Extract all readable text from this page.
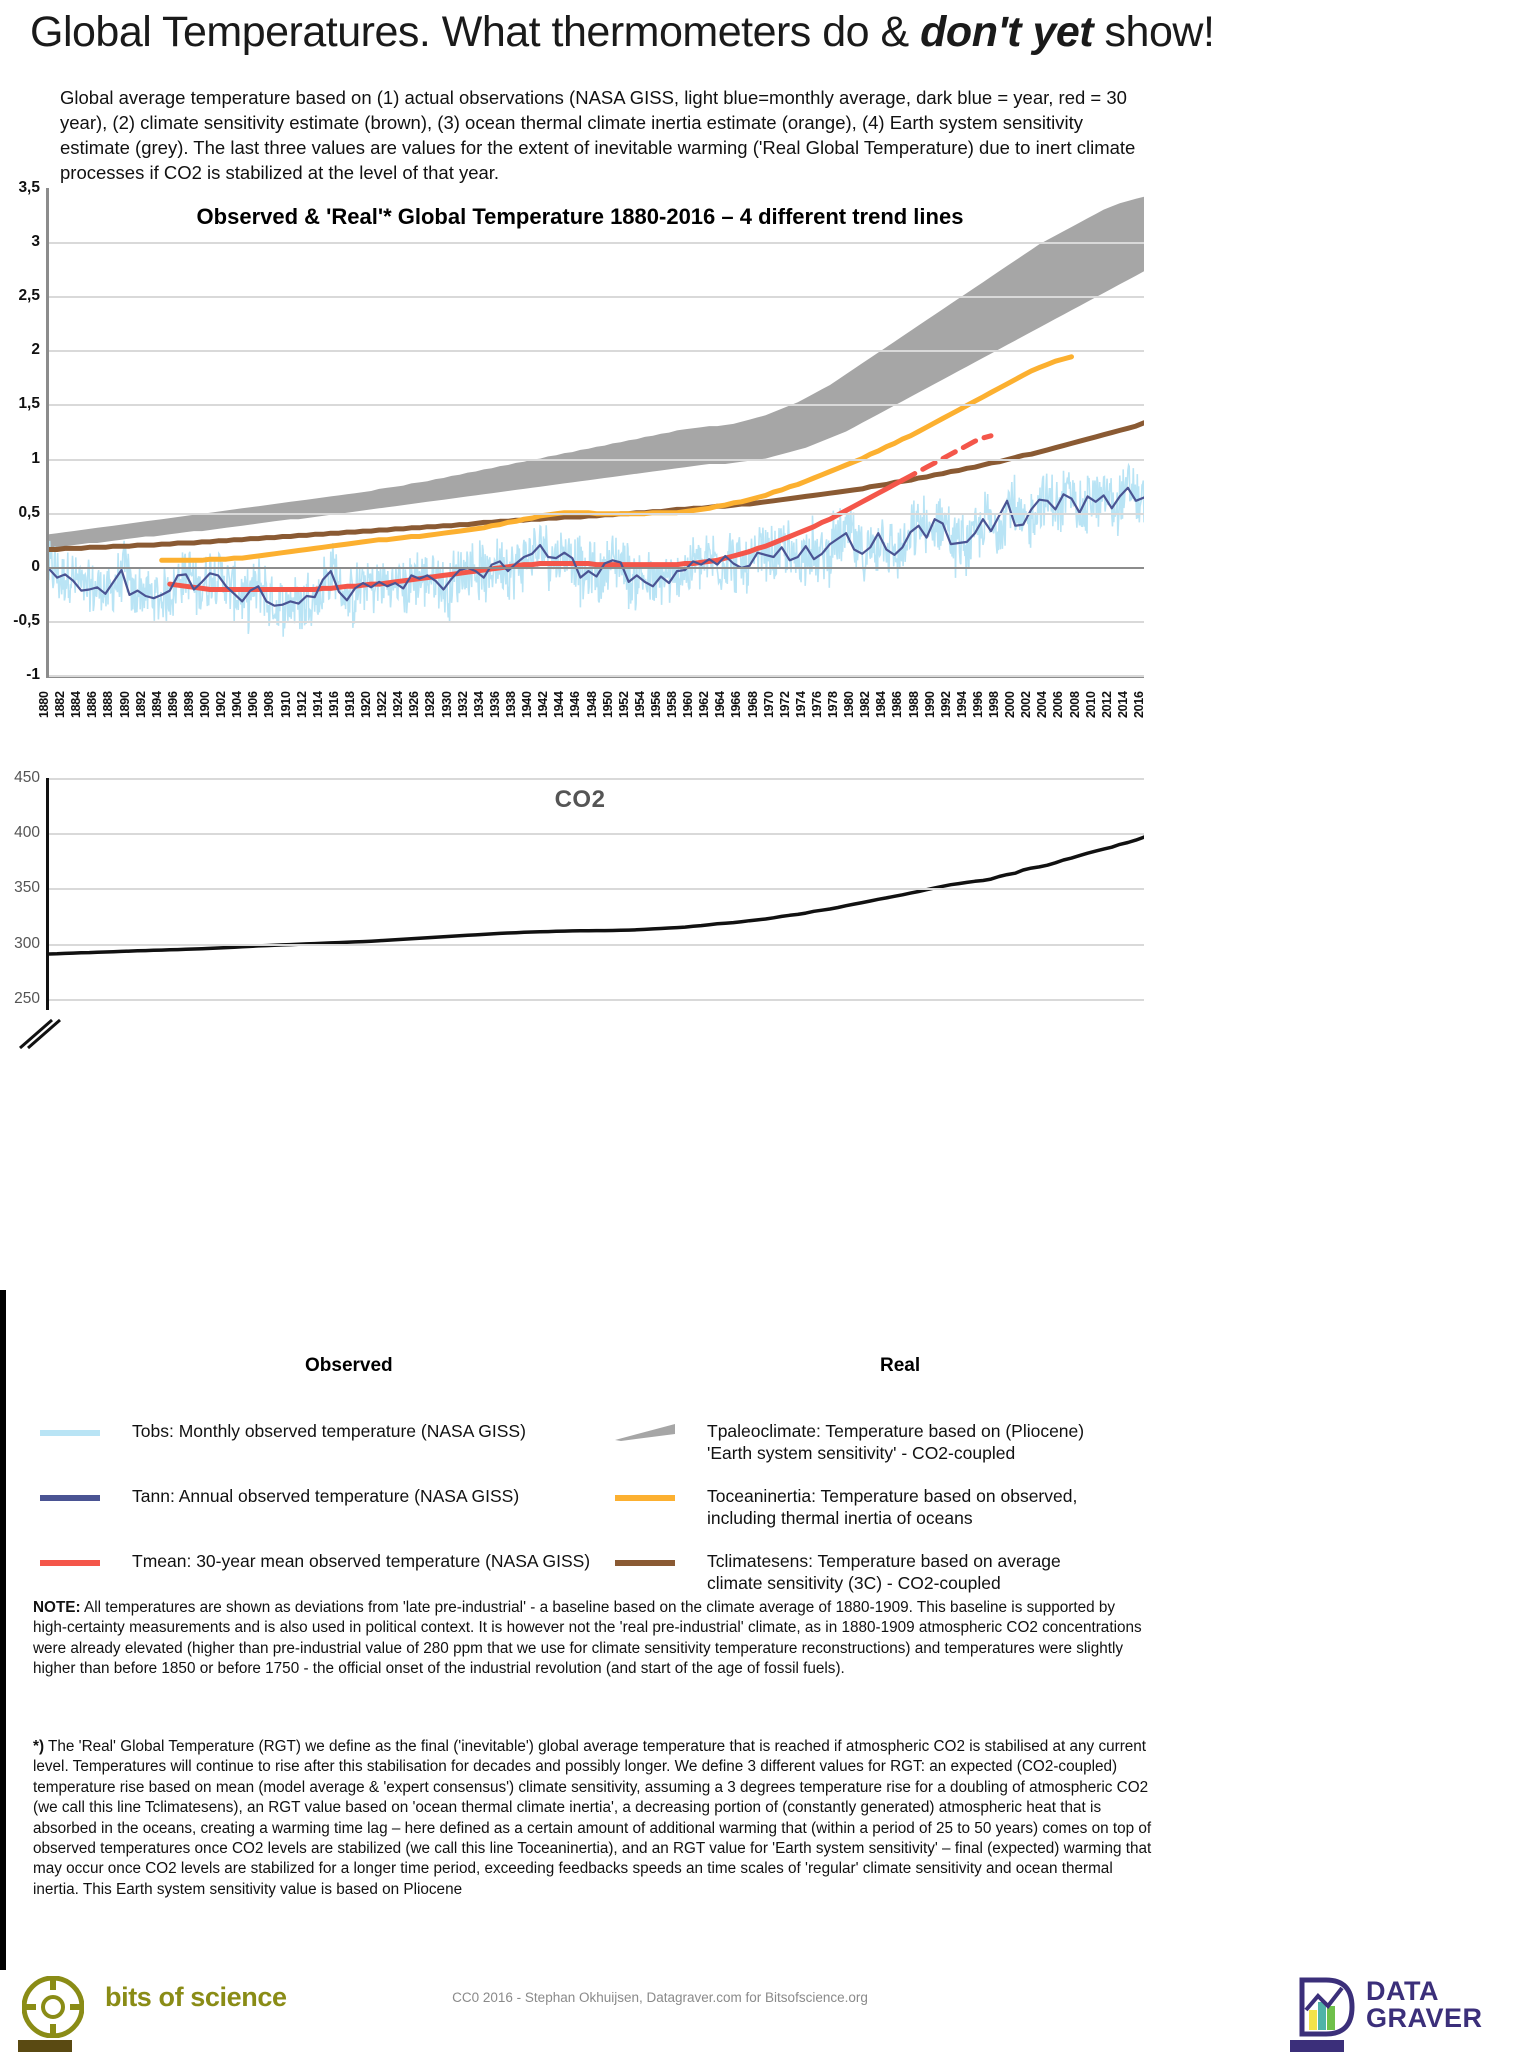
Global Temperatures. What thermometers do & don't yet show!
Global average temperature based on (1) actual observations (NASA GISS, light blue=monthly average, dark blue = year, red = 30 year), (2) climate sensitivity estimate (brown), (3) ocean thermal climate inertia estimate (orange), (4) Earth system sensitivity estimate (grey). The last three values are values for the extent of inevitable warming ('Real Global Temperature) due to inert climate processes if CO2 is stabilized at the level of that year.
Observed & 'Real'* Global Temperature 1880-2016 – 4 different trend lines
3,5
3
2,5
2
1,5
1
0,5
0
-0,5
-1
1880 1882 1884 1886 1888 1890 1892 1894 1896 1898 1900 1902 1904 1906 1908 1910 1912 1914 1916 1918 1920 1922 1924 1926 1928 1930 1932 1934 1936 1938 1940 1942 1944 1946 1948 1950 1952 1954 1956 1958 1960 1962 1964 1966 1968 1970 1972 1974 1976 1978 1980 1982 1984 1986 1988 1990 1992 1994 1996 1998 2000 2002 2004 2006 2008 2010 2012 2014 2016
CO2
450
400
350
300
250
Observed	Real
Tobs: Monthly observed temperature (NASA GISS)
Tann: Annual observed temperature (NASA GISS)
Tmean: 30-year mean observed temperature (NASA GISS)
Tpaleoclimate: Temperature based on (Pliocene)
'Earth system sensitivity' - CO2-coupled
Toceaninertia: Temperature based on observed,
including thermal inertia of oceans
Tclimatesens: Temperature based on average
climate sensitivity (3C) - CO2-coupled
NOTE: All temperatures are shown as deviations from 'late pre-industrial' - a baseline based on the climate average of 1880-1909. This baseline is supported by high-certainty measurements and is also used in political context. It is however not the 'real pre-industrial' climate, as in 1880-1909 atmospheric CO2 concentrations were already elevated (higher than pre-industrial value of 280 ppm that we use for climate sensitivity temperature reconstructions) and temperatures were slightly higher than before 1850 or before 1750 - the official onset of the industrial revolution (and start of the age of fossil fuels).
*) The 'Real' Global Temperature (RGT) we define as the final ('inevitable') global average temperature that is reached if atmospheric CO2 is stabilised at any current level. Temperatures will continue to rise after this stabilisation for decades and possibly longer. We define 3 different values for RGT: an expected (CO2-coupled) temperature rise based on mean (model average & 'expert consensus') climate sensitivity, assuming a 3 degrees temperature rise for a doubling of atmospheric CO2 (we call this line Tclimatesens), an RGT value based on 'ocean thermal climate inertia', a decreasing portion of (constantly generated) atmospheric heat that is absorbed in the oceans, creating a warming time lag – here defined as a certain amount of additional warming that (within a period of 25 to 50 years) comes on top of observed temperatures once CO2 levels are stabilized (we call this line Toceaninertia), and an RGT value for 'Earth system sensitivity' – final (expected) warming that may occur once CO2 levels are stabilized for a longer time period, exceeding feedbacks speeds an time scales of 'regular' climate sensitivity and ocean thermal inertia. This Earth system sensitivity value is based on Pliocene
bits of science	CC0 2016 - Stephan Okhuijsen, Datagraver.com for Bitsofscience.org	DATA
GRAVER
